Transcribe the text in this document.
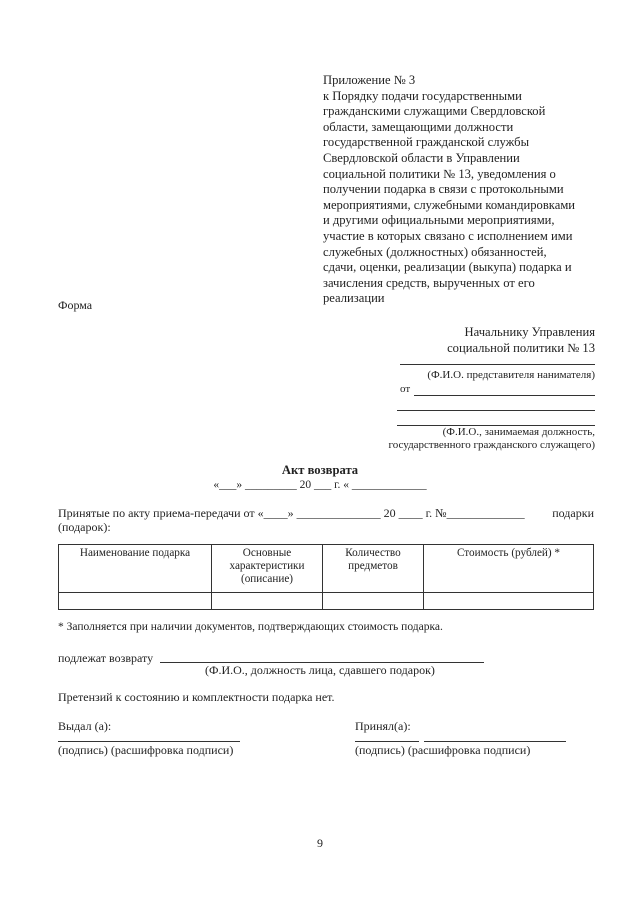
Приложение № 3
к Порядку подачи государственными
гражданскими служащими Свердловской
области, замещающими должности
государственной гражданской службы
Свердловской области в Управлении
социальной политики № 13, уведомления о
получении подарка в связи с протокольными
мероприятиями, служебными командировками
и другими официальными мероприятиями,
участие в которых связано с исполнением ими
служебных (должностных) обязанностей,
сдачи, оценки, реализации (выкупа) подарка и
зачисления средств, вырученных от его
реализации
Форма
Начальнику Управления
социальной политики № 13
(Ф.И.О. представителя нанимателя)
от
(Ф.И.О., занимаемая должность,
государственного гражданского служащего)
Акт возврата
«___» _________ 20 ___ г. « _____________
Принятые по акту приема-передачи от «____» ______________ 20 ____ г. №_____________ подарки
(подарок):
Наименование подарка	Основные характеристики (описание)	Количество предметов	Стоимость (рублей) *

* Заполняется при наличии документов, подтверждающих стоимость подарка.
подлежат возврату
(Ф.И.О., должность лица, сдавшего подарок)
Претензий к состоянию и комплектности подарка нет.
Выдал (а):
(подпись) (расшифровка подписи)
Принял(а):
(подпись) (расшифровка подписи)
9
